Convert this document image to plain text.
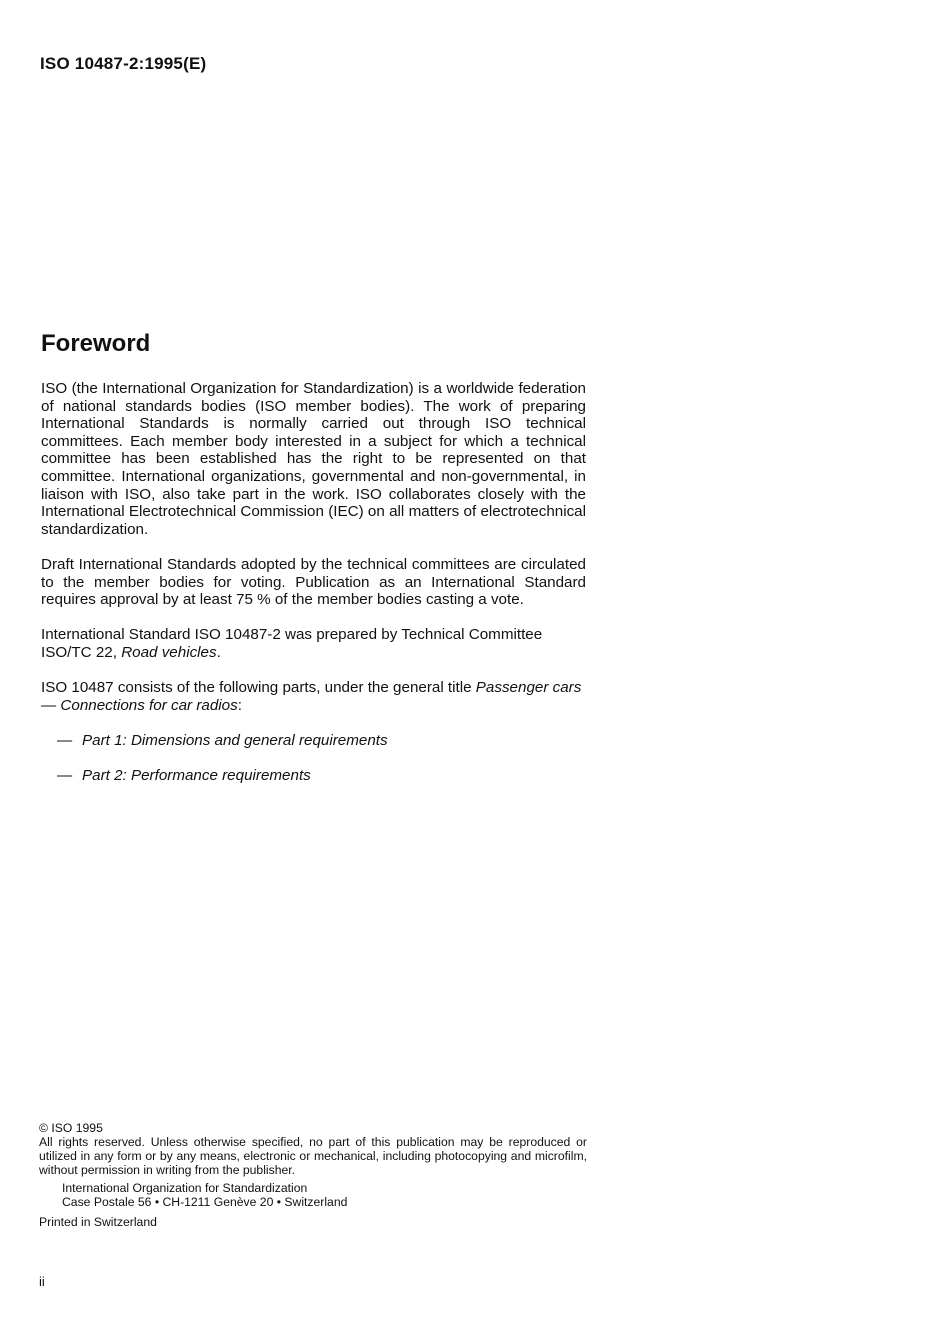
ISO 10487-2:1995(E)
Foreword

ISO (the International Organization for Standardization) is a worldwide federation of national standards bodies (ISO member bodies). The work of preparing International Standards is normally carried out through ISO technical committees. Each member body interested in a subject for which a technical committee has been established has the right to be represented on that committee. International organizations, governmental and non-governmental, in liaison with ISO, also take part in the work. ISO collaborates closely with the International Electrotechnical Commission (IEC) on all matters of electrotechnical standardization.

Draft International Standards adopted by the technical committees are circulated to the member bodies for voting. Publication as an International Standard requires approval by at least 75 % of the member bodies casting a vote.

International Standard ISO 10487-2 was prepared by Technical Committee ISO/TC 22, Road vehicles.

ISO 10487 consists of the following parts, under the general title Passenger cars — Connections for car radios:

— Part 1: Dimensions and general requirements
— Part 2: Performance requirements
© ISO 1995
All rights reserved. Unless otherwise specified, no part of this publication may be reproduced or utilized in any form or by any means, electronic or mechanical, including photocopying and microfilm, without permission in writing from the publisher.
International Organization for Standardization
Case Postale 56 • CH-1211 Genève 20 • Switzerland
Printed in Switzerland
ii
